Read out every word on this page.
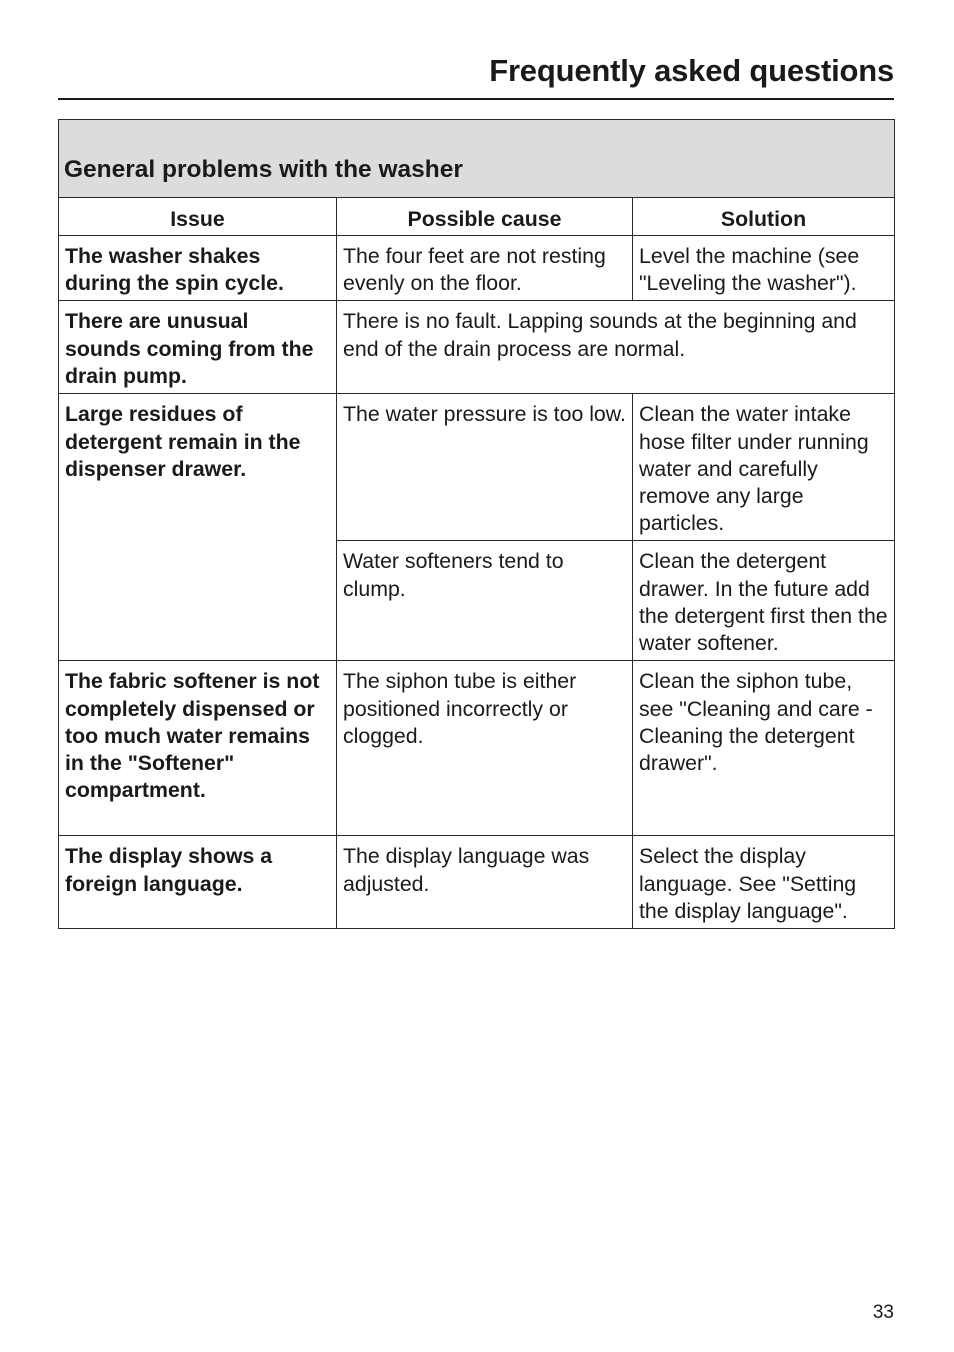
Frequently asked questions
General problems with the washer		
Issue	Possible cause	Solution
The washer shakes during the spin cycle.	The four feet are not resting evenly on the floor.	Level the machine (see "Leveling the washer").
There are unusual sounds coming from the drain pump.	There is no fault. Lapping sounds at the beginning and end of the drain process are normal.	
Large residues of detergent remain in the dispenser drawer.	The water pressure is too low.	Clean the water intake hose filter under running water and carefully remove any large particles.
	Water softeners tend to clump.	Clean the detergent drawer. In the future add the detergent first then the water softener.
The fabric softener is not completely dispensed or too much water remains in the "Softener" compartment.	The siphon tube is either positioned incorrectly or clogged.	Clean the siphon tube, see "Cleaning and care - Cleaning the detergent drawer".
The display shows a foreign language.	The display language was adjusted.	Select the display language. See "Setting the display language".
33
